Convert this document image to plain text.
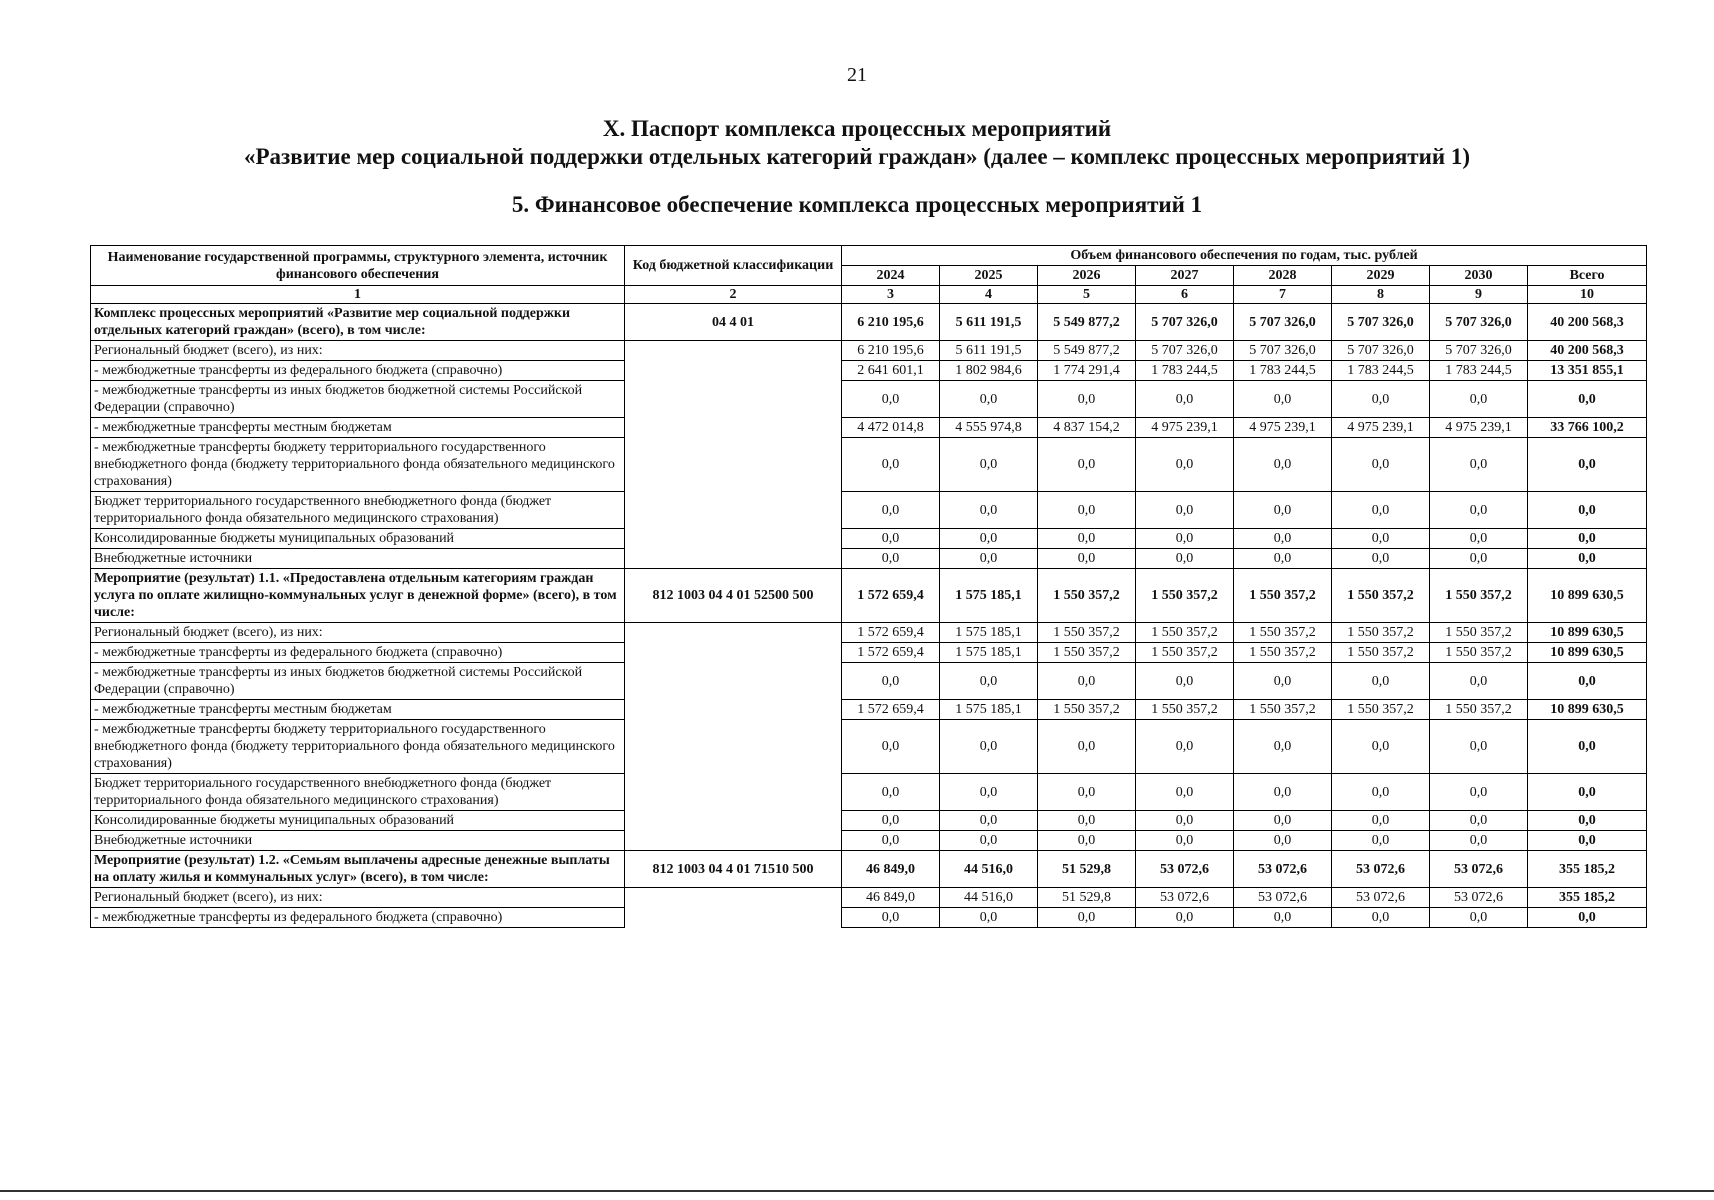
21
X. Паспорт комплекса процессных мероприятий
«Развитие мер социальной поддержки отдельных категорий граждан» (далее – комплекс процессных мероприятий 1)
5. Финансовое обеспечение комплекса процессных мероприятий 1
Наименование государственной программы, структурного элемента, источник финансового обеспечения	Код бюджетной классификации	Объем финансового обеспечения по годам, тыс. рублей							
		2024	2025	2026	2027	2028	2029	2030	Всего
1	2	3	4	5	6	7	8	9	10
Комплекс процессных мероприятий «Развитие мер социальной поддержки отдельных категорий граждан» (всего), в том числе:	04 4 01	6 210 195,6	5 611 191,5	5 549 877,2	5 707 326,0	5 707 326,0	5 707 326,0	5 707 326,0	40 200 568,3
Региональный бюджет (всего), из них:		6 210 195,6	5 611 191,5	5 549 877,2	5 707 326,0	5 707 326,0	5 707 326,0	5 707 326,0	40 200 568,3
- межбюджетные трансферты из федерального бюджета (справочно)		2 641 601,1	1 802 984,6	1 774 291,4	1 783 244,5	1 783 244,5	1 783 244,5	1 783 244,5	13 351 855,1
- межбюджетные трансферты из иных бюджетов бюджетной системы Российской Федерации (справочно)		0,0	0,0	0,0	0,0	0,0	0,0	0,0	0,0
- межбюджетные трансферты местным бюджетам		4 472 014,8	4 555 974,8	4 837 154,2	4 975 239,1	4 975 239,1	4 975 239,1	4 975 239,1	33 766 100,2
- межбюджетные трансферты бюджету территориального государственного внебюджетного фонда (бюджету территориального фонда обязательного медицинского страхования)		0,0	0,0	0,0	0,0	0,0	0,0	0,0	0,0
Бюджет территориального государственного внебюджетного фонда (бюджет территориального фонда обязательного медицинского страхования)		0,0	0,0	0,0	0,0	0,0	0,0	0,0	0,0
Консолидированные бюджеты муниципальных образований		0,0	0,0	0,0	0,0	0,0	0,0	0,0	0,0
Внебюджетные источники		0,0	0,0	0,0	0,0	0,0	0,0	0,0	0,0
Мероприятие (результат) 1.1. «Предоставлена отдельным категориям граждан услуга по оплате жилищно-коммунальных услуг в денежной форме» (всего), в том числе:	812 1003 04 4 01 52500 500	1 572 659,4	1 575 185,1	1 550 357,2	1 550 357,2	1 550 357,2	1 550 357,2	1 550 357,2	10 899 630,5
Региональный бюджет (всего), из них:		1 572 659,4	1 575 185,1	1 550 357,2	1 550 357,2	1 550 357,2	1 550 357,2	1 550 357,2	10 899 630,5
- межбюджетные трансферты из федерального бюджета (справочно)		1 572 659,4	1 575 185,1	1 550 357,2	1 550 357,2	1 550 357,2	1 550 357,2	1 550 357,2	10 899 630,5
- межбюджетные трансферты из иных бюджетов бюджетной системы Российской Федерации (справочно)		0,0	0,0	0,0	0,0	0,0	0,0	0,0	0,0
- межбюджетные трансферты местным бюджетам		1 572 659,4	1 575 185,1	1 550 357,2	1 550 357,2	1 550 357,2	1 550 357,2	1 550 357,2	10 899 630,5
- межбюджетные трансферты бюджету территориального государственного внебюджетного фонда (бюджету территориального фонда обязательного медицинского страхования)		0,0	0,0	0,0	0,0	0,0	0,0	0,0	0,0
Бюджет территориального государственного внебюджетного фонда (бюджет территориального фонда обязательного медицинского страхования)		0,0	0,0	0,0	0,0	0,0	0,0	0,0	0,0
Консолидированные бюджеты муниципальных образований		0,0	0,0	0,0	0,0	0,0	0,0	0,0	0,0
Внебюджетные источники		0,0	0,0	0,0	0,0	0,0	0,0	0,0	0,0
Мероприятие (результат) 1.2. «Семьям выплачены адресные денежные выплаты на оплату жилья и коммунальных услуг» (всего), в том числе:	812 1003 04 4 01 71510 500	46 849,0	44 516,0	51 529,8	53 072,6	53 072,6	53 072,6	53 072,6	355 185,2
Региональный бюджет (всего), из них:		46 849,0	44 516,0	51 529,8	53 072,6	53 072,6	53 072,6	53 072,6	355 185,2
- межбюджетные трансферты из федерального бюджета (справочно)		0,0	0,0	0,0	0,0	0,0	0,0	0,0	0,0
